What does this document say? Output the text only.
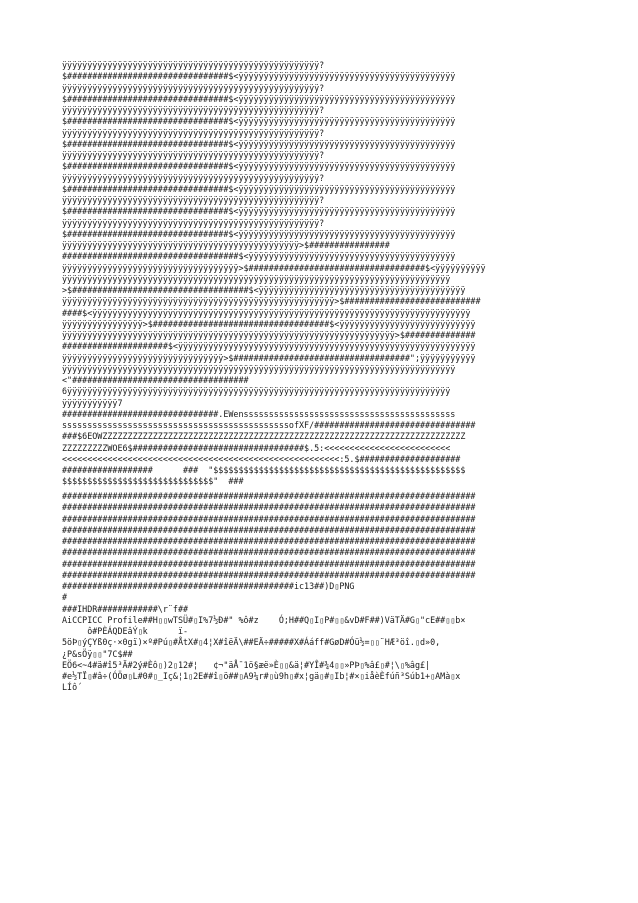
ÿÿÿÿÿÿÿÿÿÿÿÿÿÿÿÿÿÿÿÿÿÿÿÿÿÿÿÿÿÿÿÿÿÿÿÿÿÿÿÿÿÿÿÿÿÿÿÿÿÿÿ?
$################################$<ÿÿÿÿÿÿÿÿÿÿÿÿÿÿÿÿÿÿÿÿÿÿÿÿÿÿÿÿÿÿÿÿÿÿÿÿÿÿÿÿÿÿÿ
ÿÿÿÿÿÿÿÿÿÿÿÿÿÿÿÿÿÿÿÿÿÿÿÿÿÿÿÿÿÿÿÿÿÿÿÿÿÿÿÿÿÿÿÿÿÿÿÿÿÿÿ?
$################################$<ÿÿÿÿÿÿÿÿÿÿÿÿÿÿÿÿÿÿÿÿÿÿÿÿÿÿÿÿÿÿÿÿÿÿÿÿÿÿÿÿÿÿÿ
ÿÿÿÿÿÿÿÿÿÿÿÿÿÿÿÿÿÿÿÿÿÿÿÿÿÿÿÿÿÿÿÿÿÿÿÿÿÿÿÿÿÿÿÿÿÿÿÿÿÿÿ?
$################################$<ÿÿÿÿÿÿÿÿÿÿÿÿÿÿÿÿÿÿÿÿÿÿÿÿÿÿÿÿÿÿÿÿÿÿÿÿÿÿÿÿÿÿÿ
ÿÿÿÿÿÿÿÿÿÿÿÿÿÿÿÿÿÿÿÿÿÿÿÿÿÿÿÿÿÿÿÿÿÿÿÿÿÿÿÿÿÿÿÿÿÿÿÿÿÿÿ?
$################################$<ÿÿÿÿÿÿÿÿÿÿÿÿÿÿÿÿÿÿÿÿÿÿÿÿÿÿÿÿÿÿÿÿÿÿÿÿÿÿÿÿÿÿÿ
ÿÿÿÿÿÿÿÿÿÿÿÿÿÿÿÿÿÿÿÿÿÿÿÿÿÿÿÿÿÿÿÿÿÿÿÿÿÿÿÿÿÿÿÿÿÿÿÿÿÿÿ?
$################################$<ÿÿÿÿÿÿÿÿÿÿÿÿÿÿÿÿÿÿÿÿÿÿÿÿÿÿÿÿÿÿÿÿÿÿÿÿÿÿÿÿÿÿÿ
ÿÿÿÿÿÿÿÿÿÿÿÿÿÿÿÿÿÿÿÿÿÿÿÿÿÿÿÿÿÿÿÿÿÿÿÿÿÿÿÿÿÿÿÿÿÿÿÿÿÿÿ?
$################################$<ÿÿÿÿÿÿÿÿÿÿÿÿÿÿÿÿÿÿÿÿÿÿÿÿÿÿÿÿÿÿÿÿÿÿÿÿÿÿÿÿÿÿÿ
ÿÿÿÿÿÿÿÿÿÿÿÿÿÿÿÿÿÿÿÿÿÿÿÿÿÿÿÿÿÿÿÿÿÿÿÿÿÿÿÿÿÿÿÿÿÿÿÿÿÿÿ?
$################################$<ÿÿÿÿÿÿÿÿÿÿÿÿÿÿÿÿÿÿÿÿÿÿÿÿÿÿÿÿÿÿÿÿÿÿÿÿÿÿÿÿÿÿÿ
ÿÿÿÿÿÿÿÿÿÿÿÿÿÿÿÿÿÿÿÿÿÿÿÿÿÿÿÿÿÿÿÿÿÿÿÿÿÿÿÿÿÿÿÿÿÿÿÿÿÿÿ?
$################################$<ÿÿÿÿÿÿÿÿÿÿÿÿÿÿÿÿÿÿÿÿÿÿÿÿÿÿÿÿÿÿÿÿÿÿÿÿÿÿÿÿÿÿÿ
ÿÿÿÿÿÿÿÿÿÿÿÿÿÿÿÿÿÿÿÿÿÿÿÿÿÿÿÿÿÿÿÿÿÿÿÿÿÿÿÿÿÿÿÿÿÿÿ>$################
###################################$<ÿÿÿÿÿÿÿÿÿÿÿÿÿÿÿÿÿÿÿÿÿÿÿÿÿÿÿÿÿÿÿÿÿÿÿÿÿÿÿÿÿ
ÿÿÿÿÿÿÿÿÿÿÿÿÿÿÿÿÿÿÿÿÿÿÿÿÿÿÿÿÿÿÿÿÿÿÿ>$###################################$<ÿÿÿÿÿÿÿÿÿÿ
ÿÿÿÿÿÿÿÿÿÿÿÿÿÿÿÿÿÿÿÿÿÿÿÿÿÿÿÿÿÿÿÿÿÿÿÿÿÿÿÿÿÿÿÿÿÿÿÿÿÿÿÿÿÿÿÿÿÿÿÿÿÿÿÿÿÿÿÿÿÿÿÿÿÿÿÿÿ
>$###################################$<ÿÿÿÿÿÿÿÿÿÿÿÿÿÿÿÿÿÿÿÿÿÿÿÿÿÿÿÿÿÿÿÿÿÿÿÿÿÿÿÿÿ
ÿÿÿÿÿÿÿÿÿÿÿÿÿÿÿÿÿÿÿÿÿÿÿÿÿÿÿÿÿÿÿÿÿÿÿÿÿÿÿÿÿÿÿÿÿÿÿÿÿÿÿÿÿÿ>$###########################
####$<ÿÿÿÿÿÿÿÿÿÿÿÿÿÿÿÿÿÿÿÿÿÿÿÿÿÿÿÿÿÿÿÿÿÿÿÿÿÿÿÿÿÿÿÿÿÿÿÿÿÿÿÿÿÿÿÿÿÿÿÿÿÿÿÿÿÿÿÿÿÿÿÿÿÿÿ
ÿÿÿÿÿÿÿÿÿÿÿÿÿÿÿÿ>$###################################$<ÿÿÿÿÿÿÿÿÿÿÿÿÿÿÿÿÿÿÿÿÿÿÿÿÿÿÿ
ÿÿÿÿÿÿÿÿÿÿÿÿÿÿÿÿÿÿÿÿÿÿÿÿÿÿÿÿÿÿÿÿÿÿÿÿÿÿÿÿÿÿÿÿÿÿÿÿÿÿÿÿÿÿÿÿÿÿÿÿÿÿÿÿÿÿ>$##############
#####################$<ÿÿÿÿÿÿÿÿÿÿÿÿÿÿÿÿÿÿÿÿÿÿÿÿÿÿÿÿÿÿÿÿÿÿÿÿÿÿÿÿÿÿÿÿÿÿÿÿÿÿÿÿÿÿÿÿÿÿÿ
ÿÿÿÿÿÿÿÿÿÿÿÿÿÿÿÿÿÿÿÿÿÿÿÿÿÿÿÿÿÿÿÿ>$###################################";ÿÿÿÿÿÿÿÿÿÿÿ
ÿÿÿÿÿÿÿÿÿÿÿÿÿÿÿÿÿÿÿÿÿÿÿÿÿÿÿÿÿÿÿÿÿÿÿÿÿÿÿÿÿÿÿÿÿÿÿÿÿÿÿÿÿÿÿÿÿÿÿÿÿÿÿÿÿÿÿÿÿÿÿÿÿÿÿÿÿÿ
<"###################################
6ÿÿÿÿÿÿÿÿÿÿÿÿÿÿÿÿÿÿÿÿÿÿÿÿÿÿÿÿÿÿÿÿÿÿÿÿÿÿÿÿÿÿÿÿÿÿÿÿÿÿÿÿÿÿÿÿÿÿÿÿÿÿÿÿÿÿÿÿÿÿÿÿÿÿÿÿ
ÿÿÿÿÿÿÿÿÿÿÿ7
###############################.EWenssssssssssssssssssssssssssssssssssssssssss
sssssssssssssssssssssssssssssssssssssssssssssofXF/################################
###$6EOWZZZZZZZZZZZZZZZZZZZZZZZZZZZZZZZZZZZZZZZZZZZZZZZZZZZZZZZZZZZZZZZZZZZZZZZZ
ZZZZZZZZZWOE6$##################################$.5:<<<<<<<<<<<<<<<<<<<<<<<<<
<<<<<<<<<<<<<<<<<<<<<<<<<<<<<<<<<<<<<<<<<<<<<<<<<<<<<<<:5.$####################
##################      ###  "$$$$$$$$$$$$$$$$$$$$$$$$$$$$$$$$$$$$$$$$$$$$$$$$$$
$$$$$$$$$$$$$$$$$$$$$$$$$$$$$$"  ###
##################################################################################
##################################################################################
##################################################################################
##################################################################################
##################################################################################
##################################################################################
##################################################################################
##################################################################################
##############################################ic13##)D▯PNG
#
###IHDR############\r¨f##
AiCCPICC Profile##H▯▯wTSÜ#▯I%7½Ð#" %ô#z    Ó;H##Q▯I▯P#▯▯&vD#F##)VäTÄ#G▯"cE##▯▯b×
ô#PÈÁQDEâÝ▯k      ï-
5öÞ▯ýÇYß0ç·×0gï)×º#Pú▯#ÅtX#▯4¦X#îëÄ\##EÄ÷#####X#Ááff#GøD#Óü½=▯▯¨HÆ³öî.▯d»0,
¿P&sÖÿ▯▯"7C$##
EÖ6<~4#ä#î5³Ä#2ý#Èô▯)2▯12#¦   ¢¬"äÅ¯1ö§æë»È▯▯&ä¦#YÎ#¾4▯▯»PÞ▯%â£▯#¦\▯%âg£|
#e½TÏ▯#â÷(ÓÖø▯L#0#▯_Iç&¦1▯2E##î▯ö##▯A9¼r#▯ù9h▯#x¦gä▯#▯Ib¦#×▯iåèÈfúñ³Súb1+▯AMà▯x
LÍô´
